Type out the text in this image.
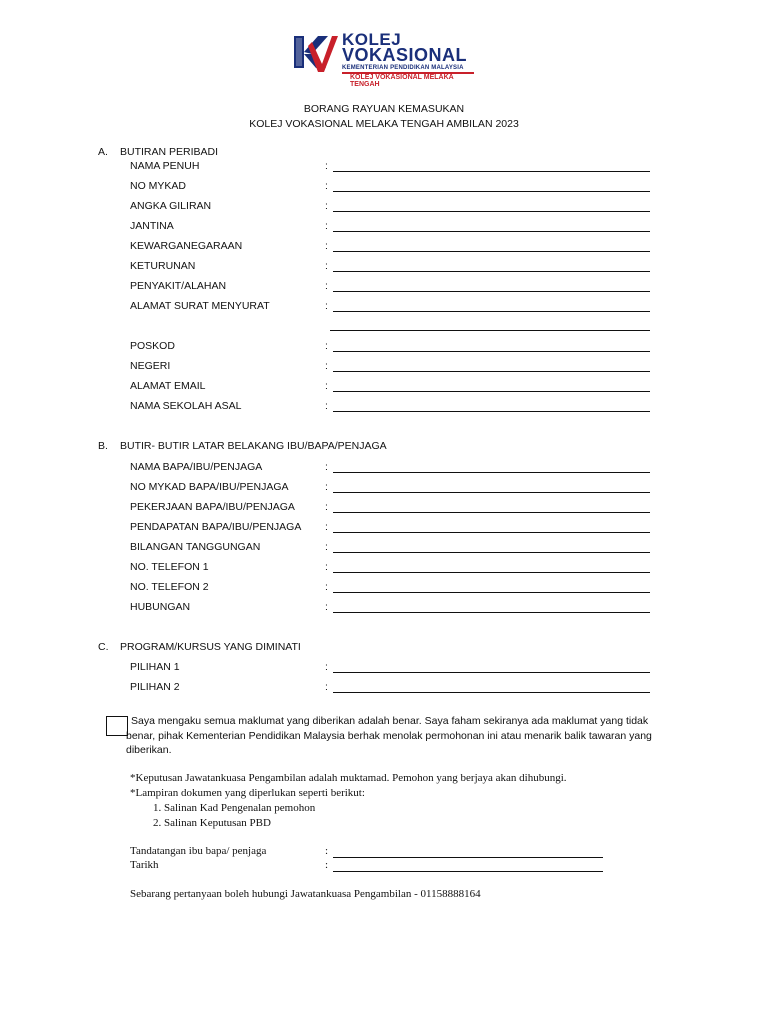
KOLEJ
VOKASIONAL
KEMENTERIAN PENDIDIKAN MALAYSIA
KOLEJ VOKASIONAL MELAKA TENGAH
BORANG RAYUAN KEMASUKAN
KOLEJ VOKASIONAL MELAKA TENGAH AMBILAN 2023
A. BUTIRAN PERIBADI
NAMA PENUH	:
NO MYKAD	:
ANGKA GILIRAN	:
JANTINA	:
KEWARGANEGARAAN	:
KETURUNAN	:
PENYAKIT/ALAHAN	:
ALAMAT SURAT MENYURAT	:
POSKOD	:
NEGERI	:
ALAMAT EMAIL	:
NAMA SEKOLAH ASAL	:
B. BUTIR- BUTIR LATAR BELAKANG IBU/BAPA/PENJAGA
NAMA BAPA/IBU/PENJAGA	:
NO MYKAD BAPA/IBU/PENJAGA	:
PEKERJAAN BAPA/IBU/PENJAGA	:
PENDAPATAN BAPA/IBU/PENJAGA :
BILANGAN TANGGUNGAN	:
NO. TELEFON 1	:
NO. TELEFON 2	:
HUBUNGAN	:
C. PROGRAM/KURSUS YANG DIMINATI
PILIHAN 1	:
PILIHAN 2	:
Saya mengaku semua maklumat yang diberikan adalah benar. Saya faham sekiranya ada maklumat yang tidak
benar, pihak Kementerian Pendidikan Malaysia berhak menolak permohonan ini atau menarik balik tawaran yang
diberikan.
*Keputusan Jawatankuasa Pengambilan adalah muktamad. Pemohon yang berjaya akan dihubungi.
*Lampiran dokumen yang diperlukan seperti berikut:
1. Salinan Kad Pengenalan pemohon
2. Salinan Keputusan PBD
Tandatangan ibu bapa/ penjaga	:
Tarikh	:
Sebarang pertanyaan boleh hubungi Jawatankuasa Pengambilan - 01158888164
